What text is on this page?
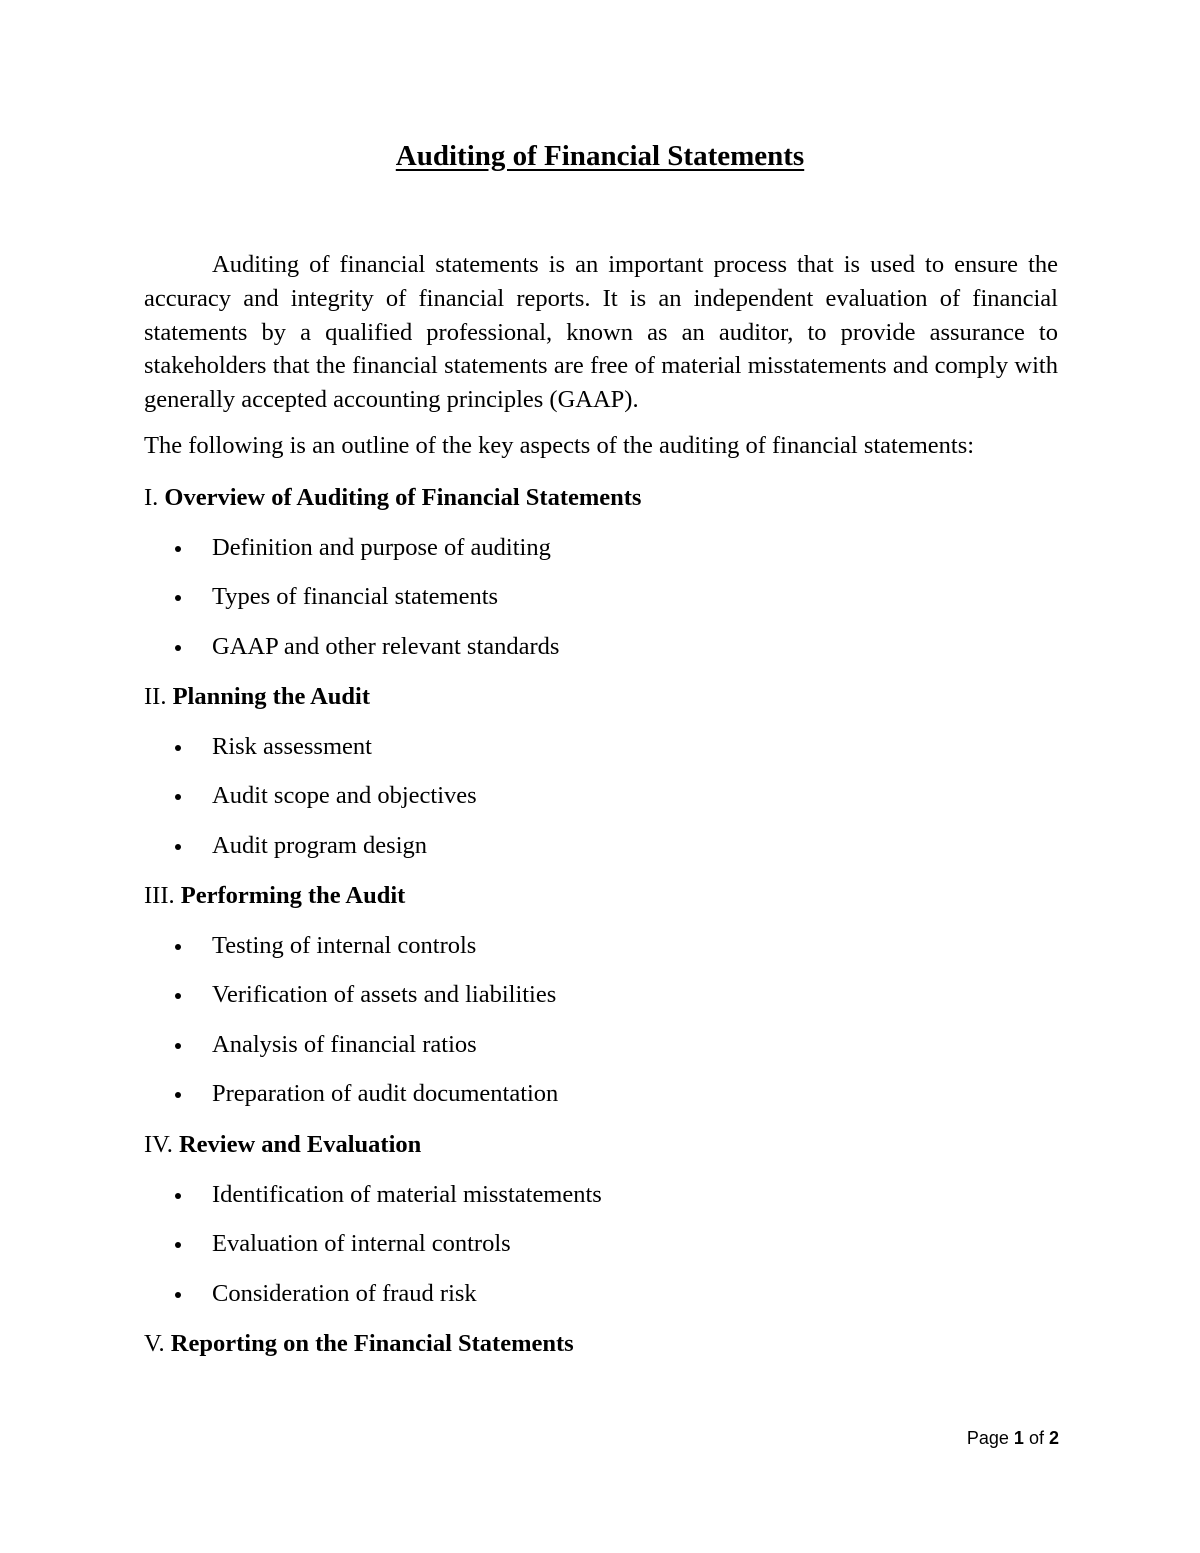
Auditing of Financial Statements

Auditing of financial statements is an important process that is used to ensure the accuracy and integrity of financial reports. It is an independent evaluation of financial statements by a qualified professional, known as an auditor, to provide assurance to stakeholders that the financial statements are free of material misstatements and comply with generally accepted accounting principles (GAAP).

The following is an outline of the key aspects of the auditing of financial statements:

I. Overview of Auditing of Financial Statements
Definition and purpose of auditing
Types of financial statements
GAAP and other relevant standards
II. Planning the Audit
Risk assessment
Audit scope and objectives
Audit program design
III. Performing the Audit
Testing of internal controls
Verification of assets and liabilities
Analysis of financial ratios
Preparation of audit documentation
IV. Review and Evaluation
Identification of material misstatements
Evaluation of internal controls
Consideration of fraud risk
V. Reporting on the Financial Statements
Page 1 of 2
